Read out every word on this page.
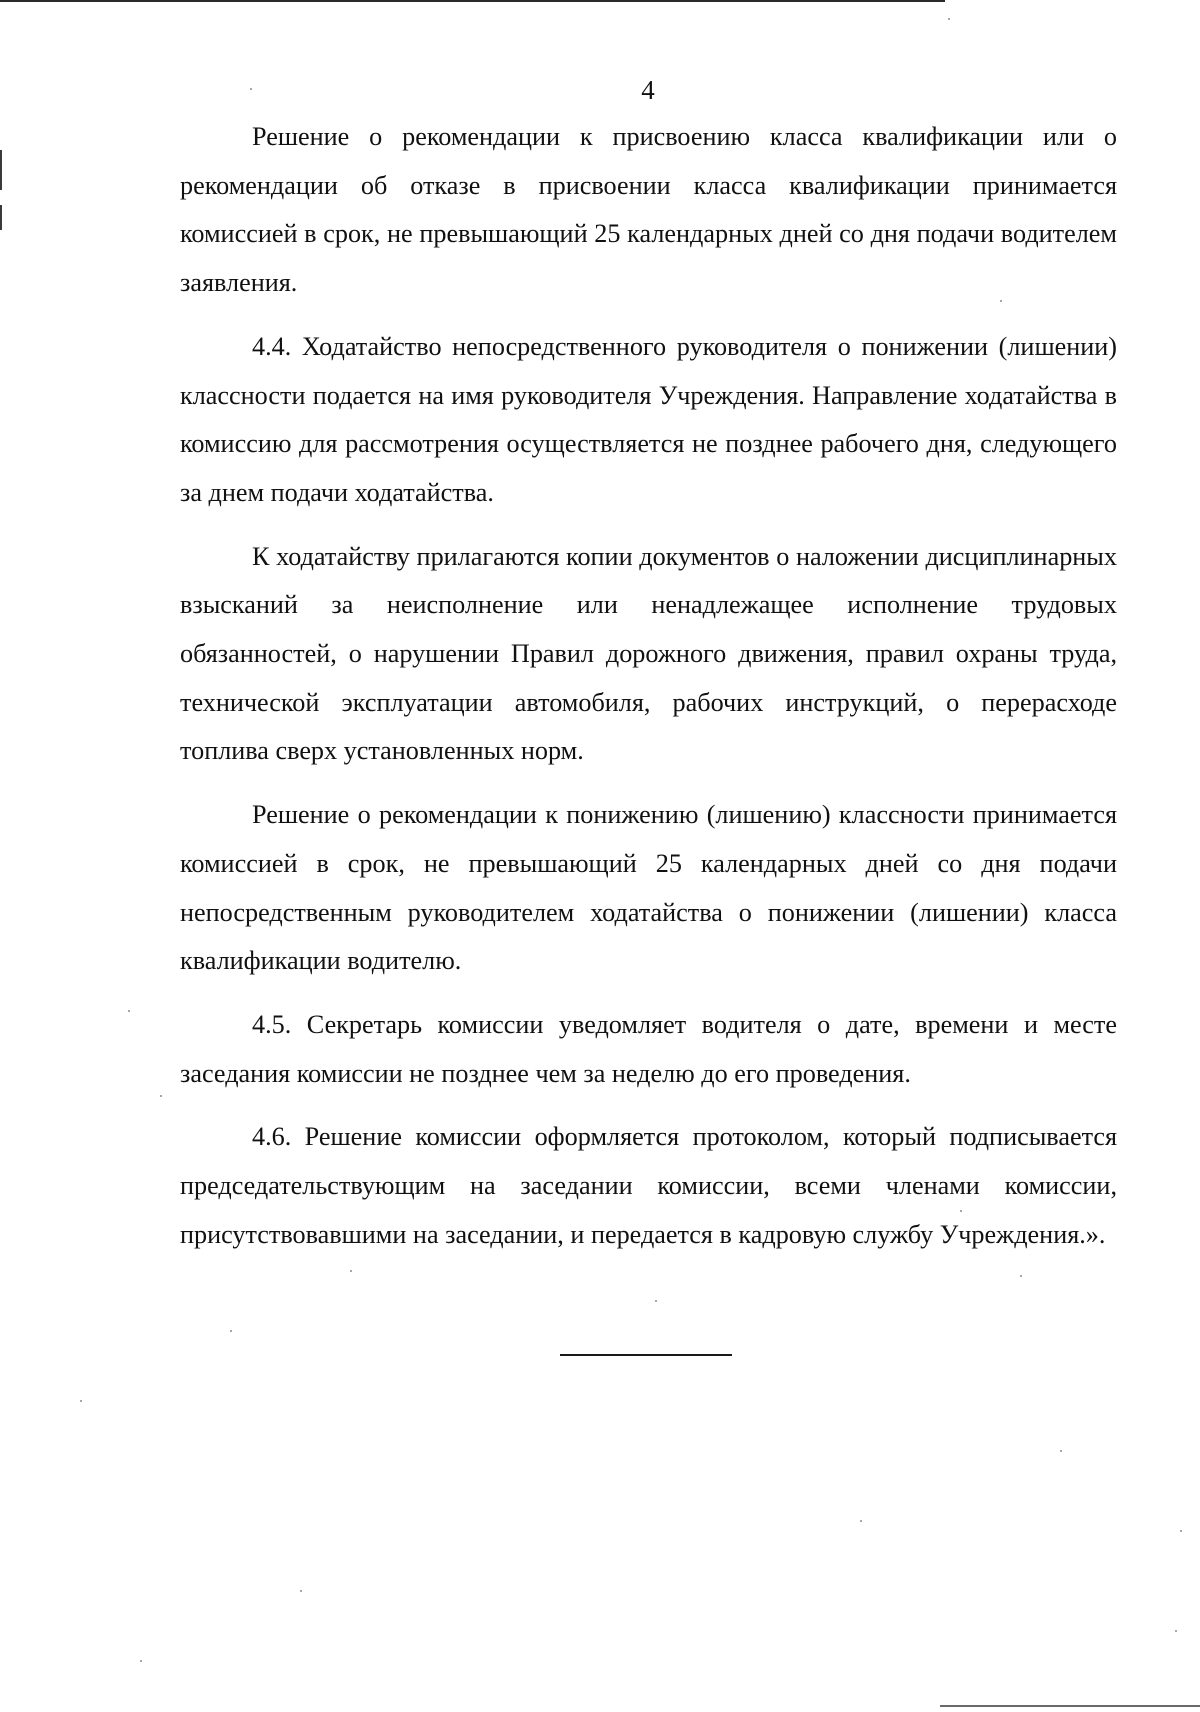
4

Решение о рекомендации к присвоению класса квалификации или о рекомендации об отказе в присвоении класса квалификации принимается комиссией в срок, не превышающий 25 календарных дней со дня подачи водителем заявления.

4.4. Ходатайство непосредственного руководителя о понижении (лишении) классности подается на имя руководителя Учреждения. Направление ходатайства в комиссию для рассмотрения осуществляется не позднее рабочего дня, следующего за днем подачи ходатайства.

К ходатайству прилагаются копии документов о наложении дисциплинарных взысканий за неисполнение или ненадлежащее исполнение трудовых обязанностей, о нарушении Правил дорожного движения, правил охраны труда, технической эксплуатации автомобиля, рабочих инструкций, о перерасходе топлива сверх установленных норм.

Решение о рекомендации к понижению (лишению) классности принимается комиссией в срок, не превышающий 25 календарных дней со дня подачи непосредственным руководителем ходатайства о понижении (лишении) класса квалификации водителю.

4.5. Секретарь комиссии уведомляет водителя о дате, времени и месте заседания комиссии не позднее чем за неделю до его проведения.

4.6. Решение комиссии оформляется протоколом, который подписывается председательствующим на заседании комиссии, всеми членами комиссии, присутствовавшими на заседании, и передается в кадровую службу Учреждения.».
